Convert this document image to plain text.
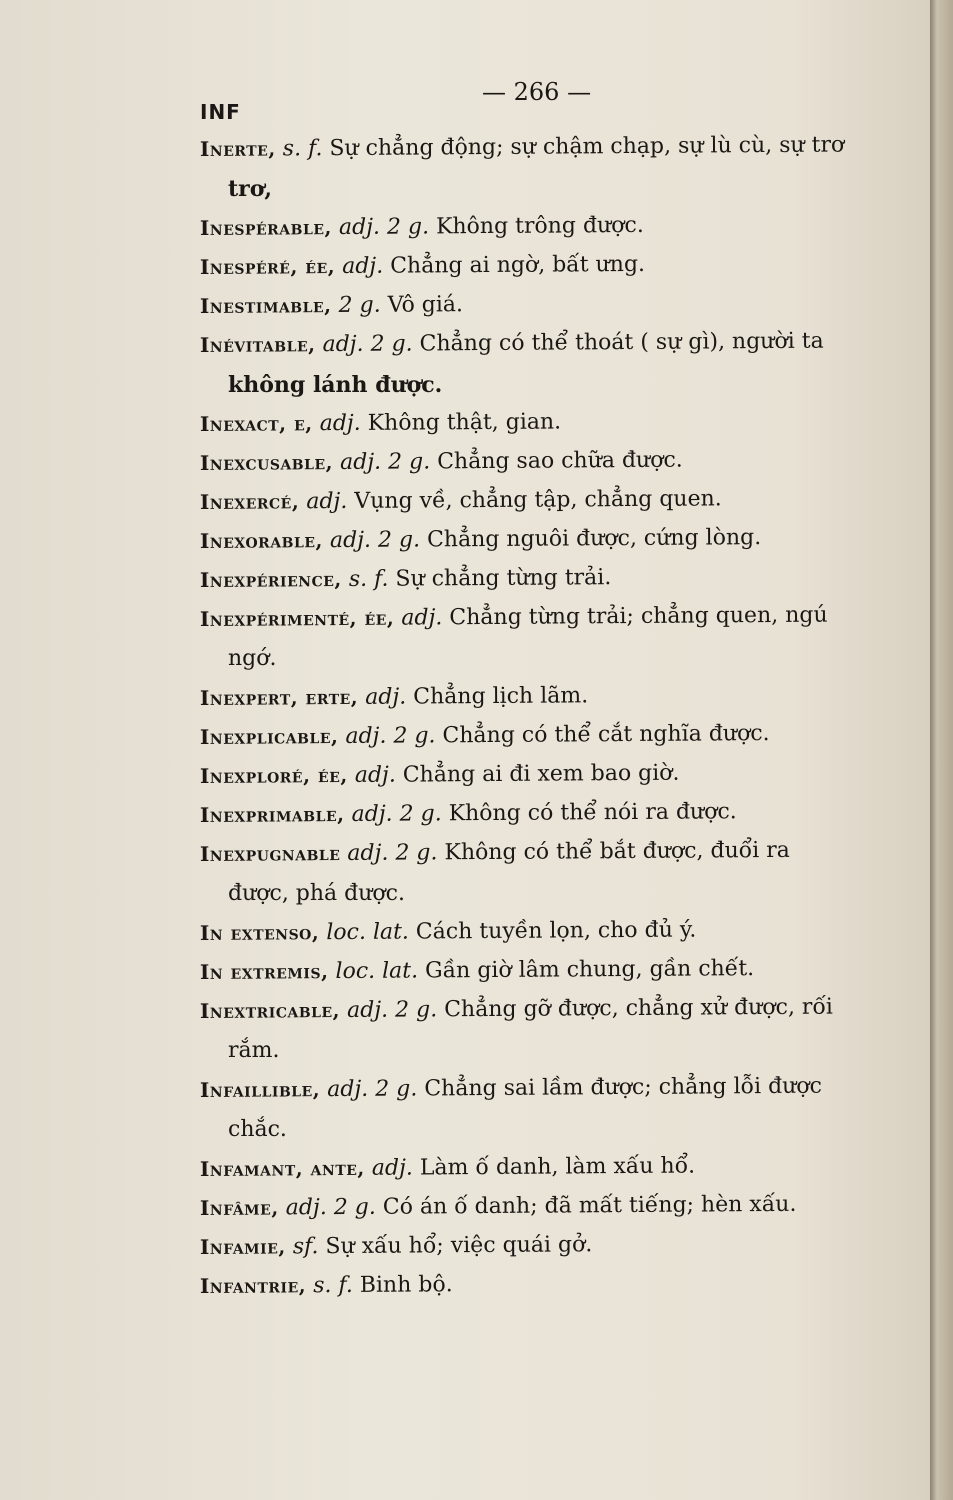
INF
— 266 —
Inerte, s. f. Sự chẳng động; sự chậm chạp, sự lù cù, sự trơ
trơ,
Inespérable, adj. 2 g. Không trông được.
Inespéré, ée, adj. Chẳng ai ngờ, bất ưng.
Inestimable, 2 g. Vô giá.
Inévitable, adj. 2 g. Chẳng có thể thoát ( sự gì), người ta
không lánh được.
Inexact, e, adj. Không thật, gian.
Inexcusable, adj. 2 g. Chẳng sao chữa được.
Inexercé, adj. Vụng về, chẳng tập, chẳng quen.
Inexorable, adj. 2 g. Chẳng nguôi được, cứng lòng.
Inexpérience, s. f. Sự chẳng từng trải.
Inexpérimenté, ée, adj. Chẳng từng trải; chẳng quen, ngú
ngớ.
Inexpert, erte, adj. Chẳng lịch lãm.
Inexplicable, adj. 2 g. Chẳng có thể cắt nghĩa được.
Inexploré, ée, adj. Chẳng ai đi xem bao giờ.
Inexprimable, adj. 2 g. Không có thể nói ra được.
Inexpugnable adj. 2 g. Không có thể bắt được, đuổi ra
được, phá được.
In extenso, loc. lat. Cách tuyền lọn, cho đủ ý.
In extremis, loc. lat. Gần giờ lâm chung, gần chết.
Inextricable, adj. 2 g. Chẳng gỡ được, chẳng xử được, rối
rắm.
Infaillible, adj. 2 g. Chẳng sai lầm được; chẳng lỗi được
chắc.
Infamant, ante, adj. Làm ố danh, làm xấu hổ.
Infâme, adj. 2 g. Có án ố danh; đã mất tiếng; hèn xấu.
Infamie, sf. Sự xấu hổ; việc quái gở.
Infantrie, s. f. Binh bộ.
